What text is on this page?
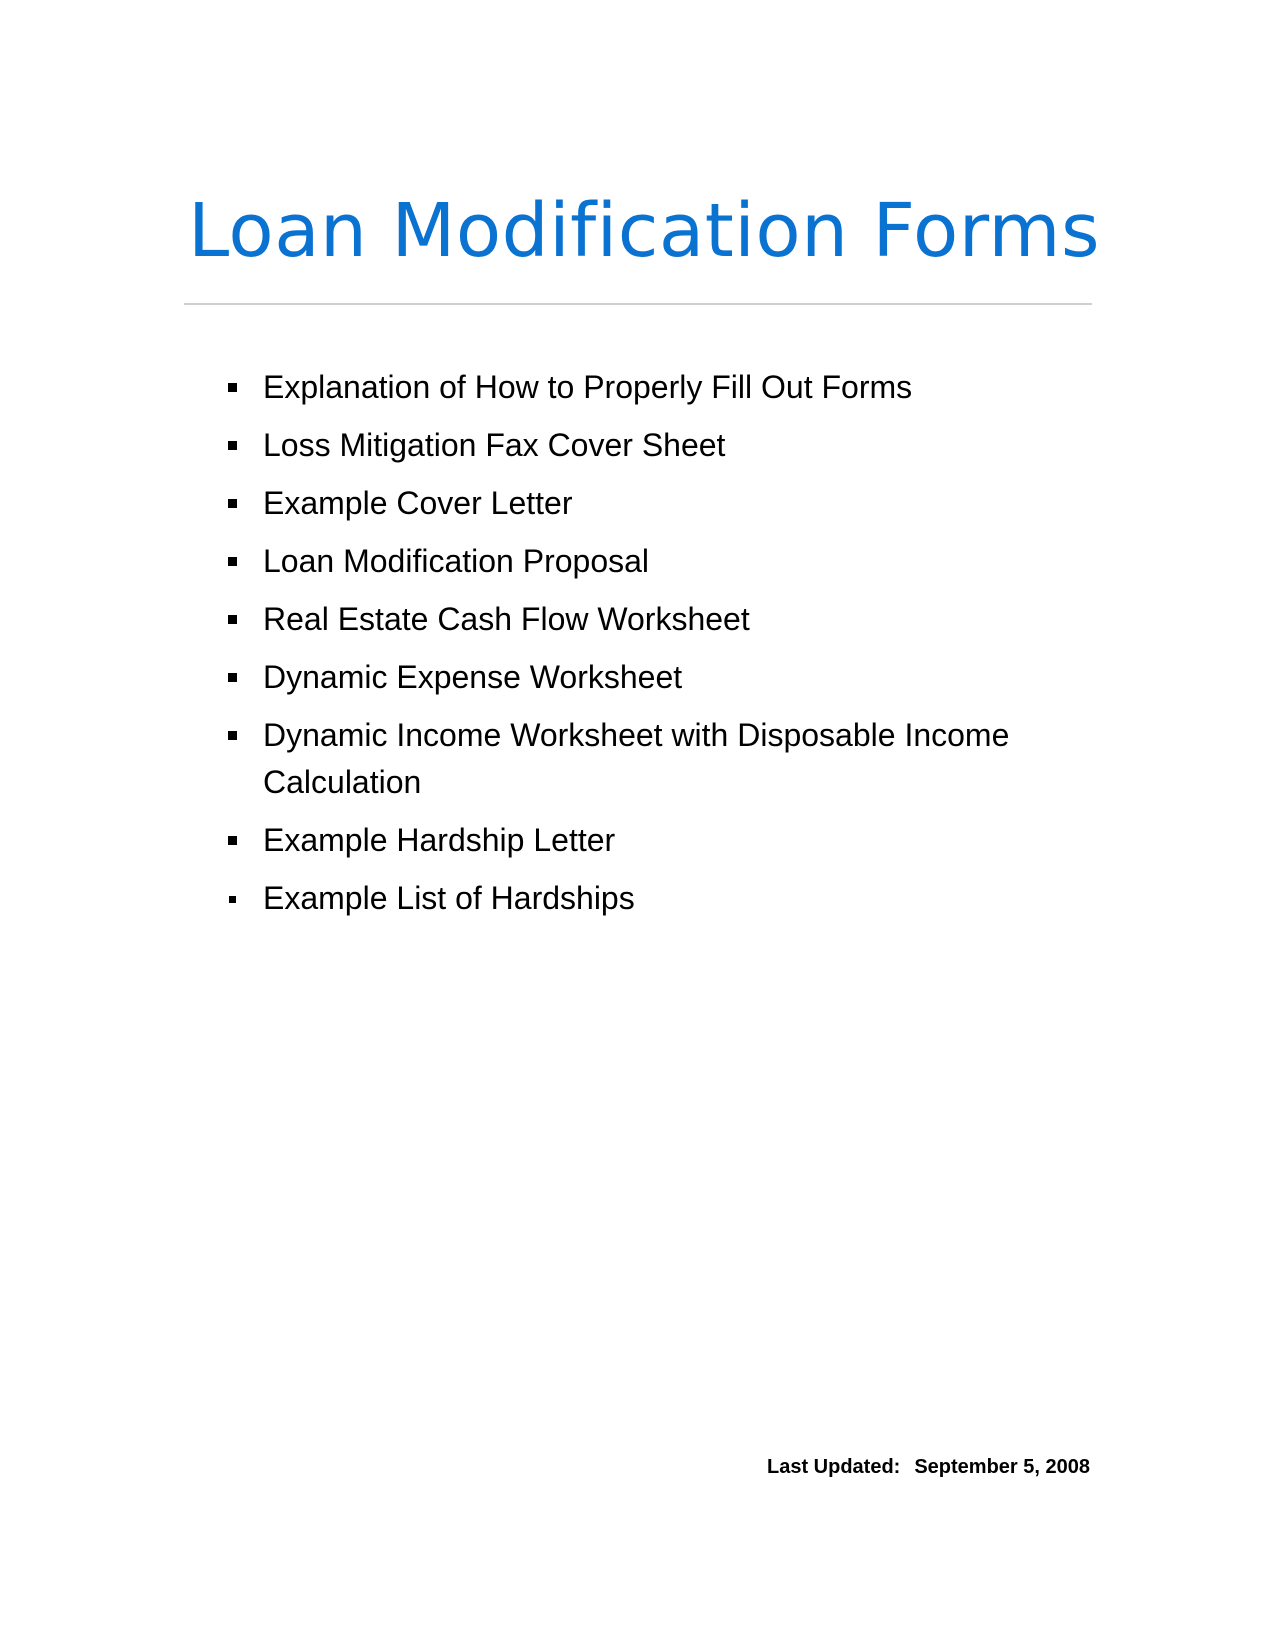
Loan Modification Forms
Explanation of How to Properly Fill Out Forms
Loss Mitigation Fax Cover Sheet
Example Cover Letter
Loan Modification Proposal
Real Estate Cash Flow Worksheet
Dynamic Expense Worksheet
Dynamic Income Worksheet with Disposable Income Calculation
Example Hardship Letter
Example List of Hardships
Last Updated: September 5, 2008
